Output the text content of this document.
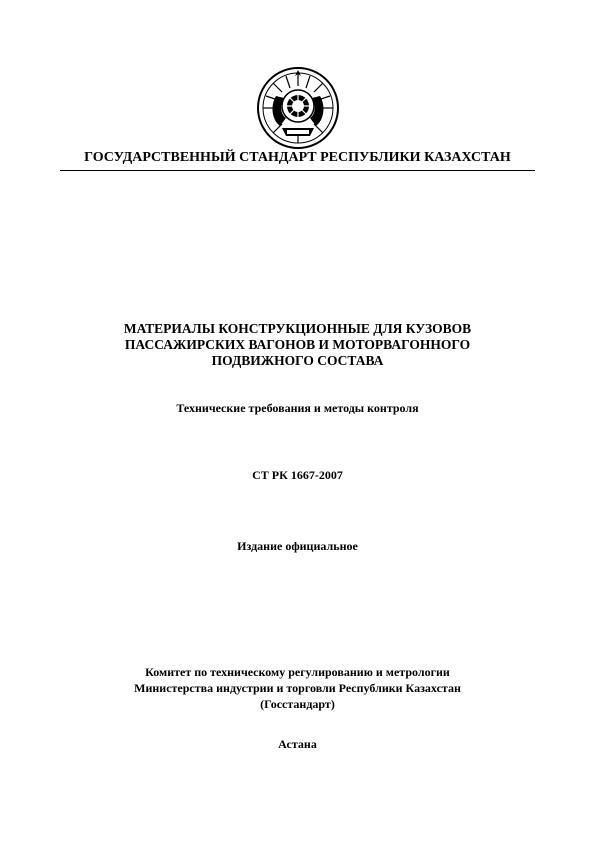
ГОСУДАРСТВЕННЫЙ СТАНДАРТ РЕСПУБЛИКИ КАЗАХСТАН
МАТЕРИАЛЫ КОНСТРУКЦИОННЫЕ ДЛЯ КУЗОВОВ
ПАССАЖИРСКИХ ВАГОНОВ И МОТОРВАГОННОГО
ПОДВИЖНОГО СОСТАВА
Технические требования и методы контроля
СТ РК 1667-2007
Издание официальное
Комитет по техническому регулированию и метрологии
Министерства индустрии и торговли Республики Казахстан
(Госстандарт)
Астана
